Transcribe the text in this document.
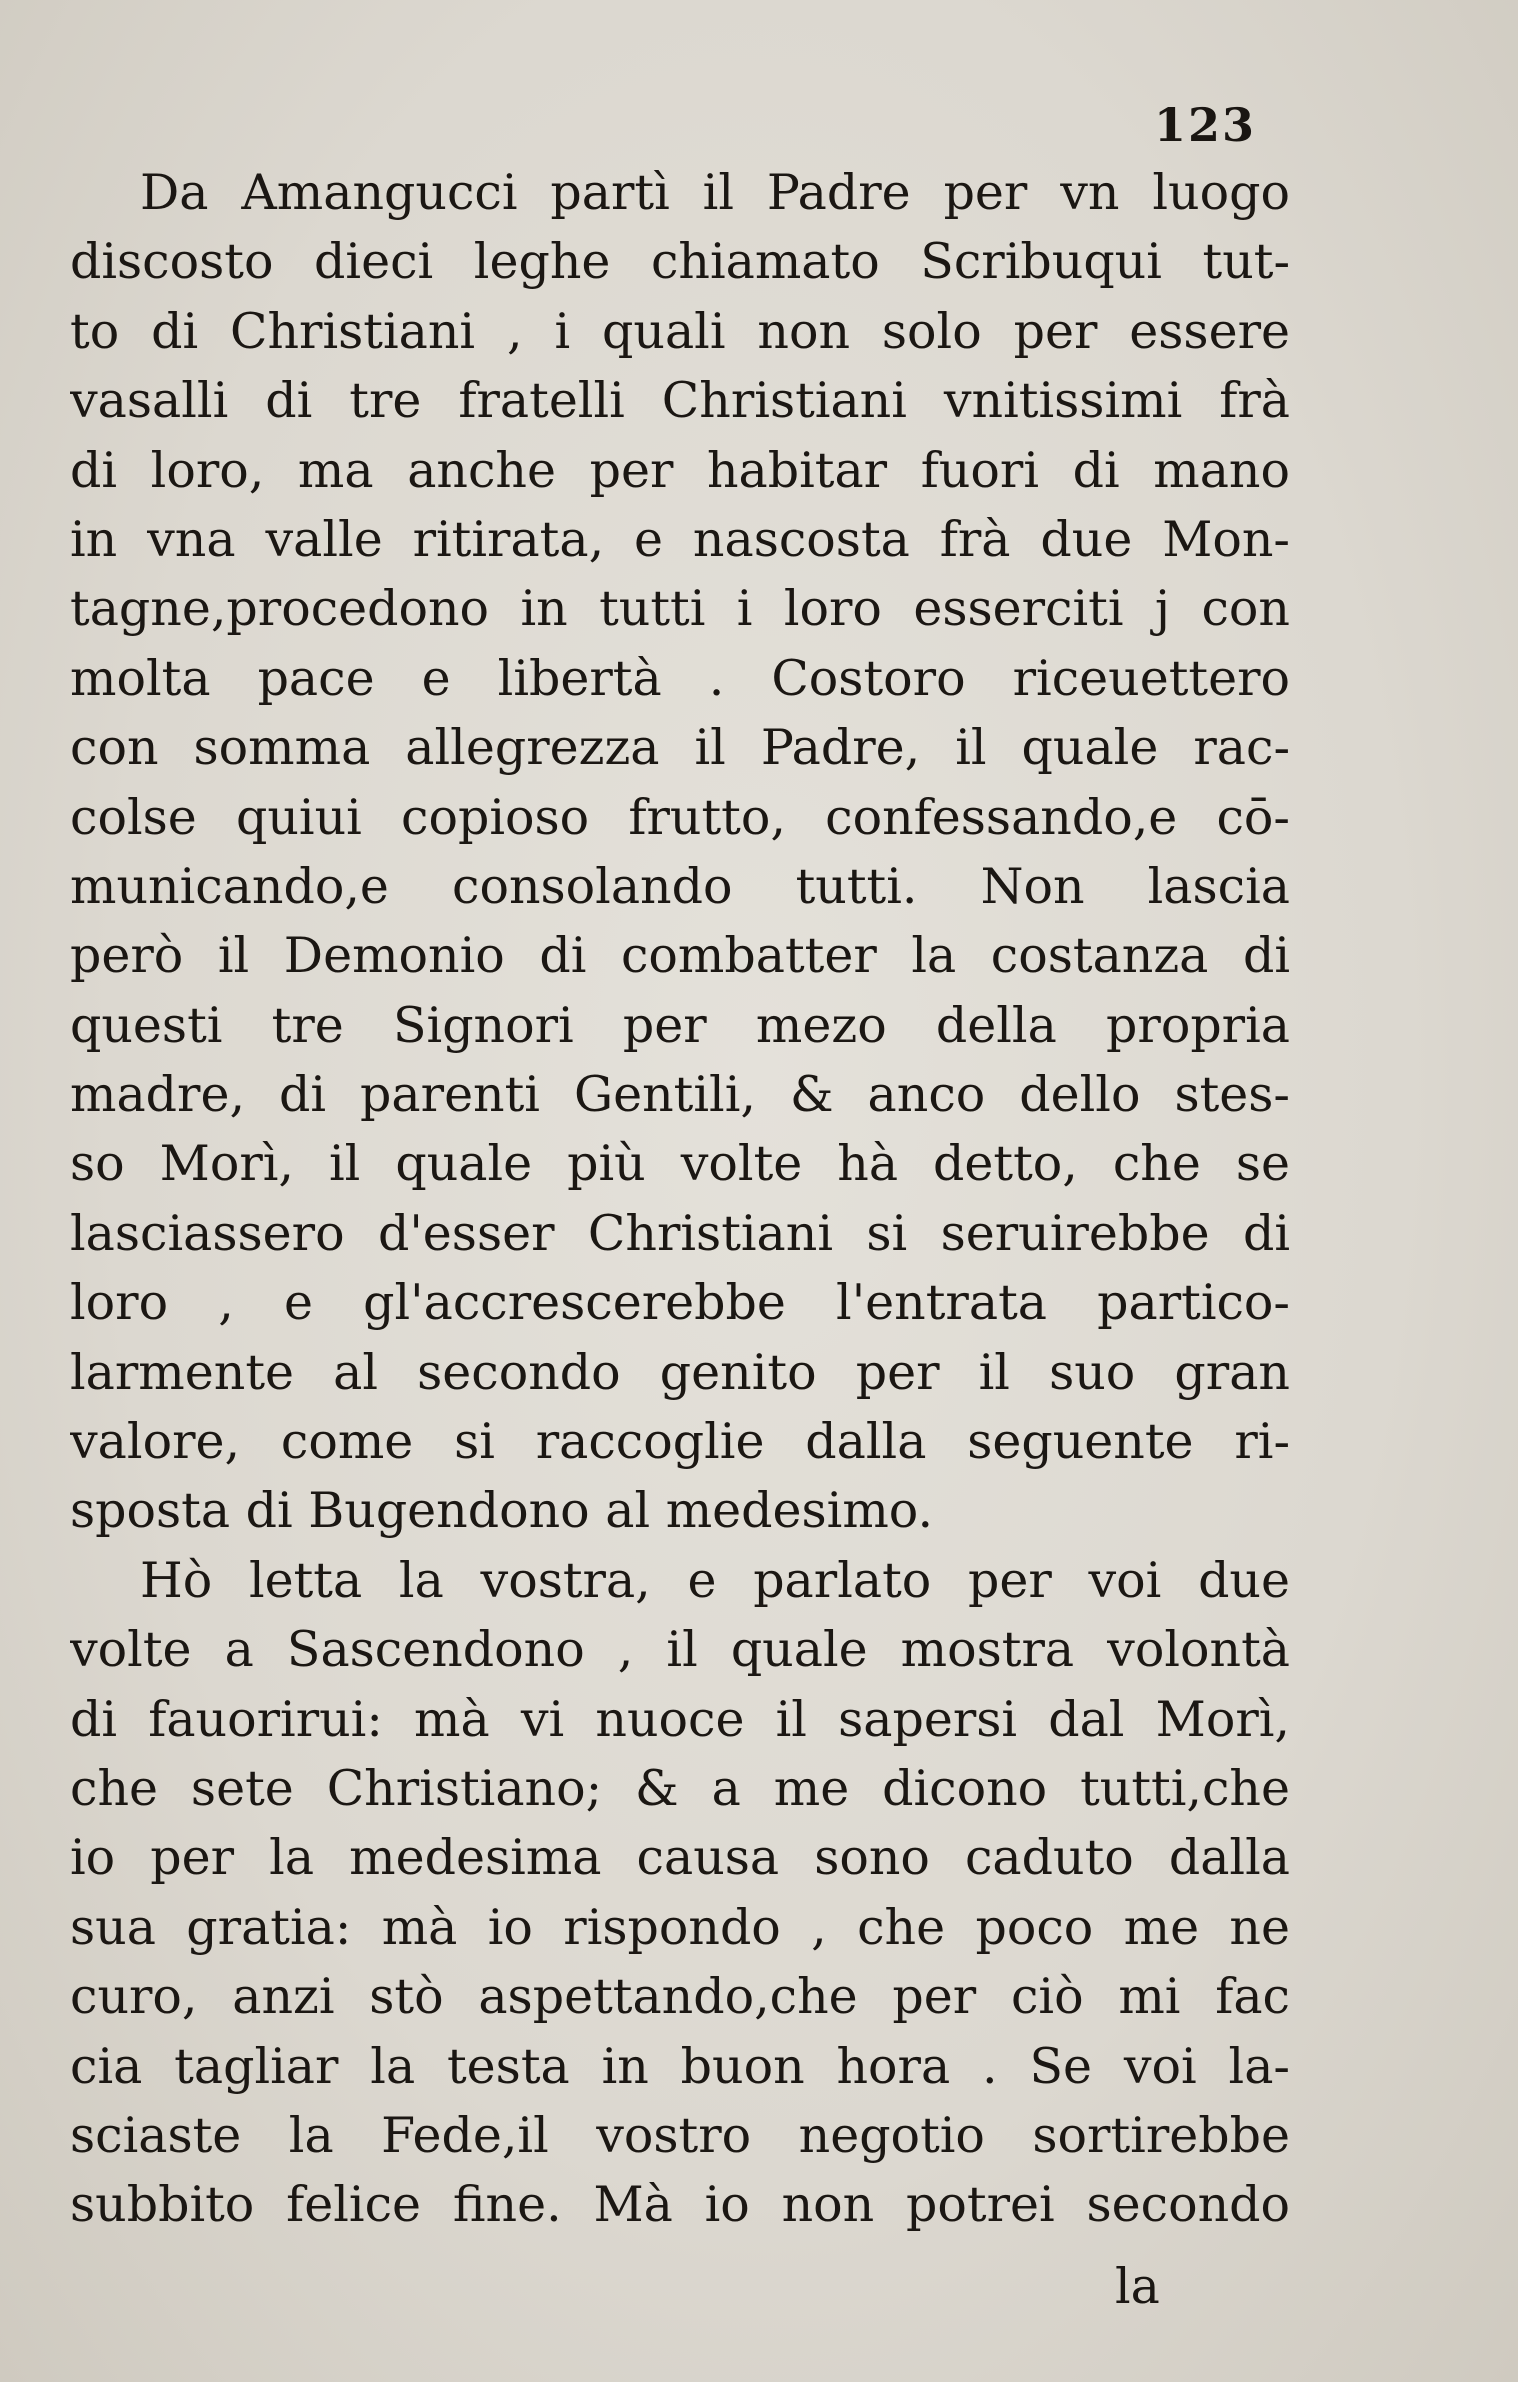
123
Da Amangucci partì il Padre per vn luogo
discosto dieci leghe chiamato Scribuqui tut-
to di Christiani , i quali non solo per essere
vasalli di tre fratelli Christiani vnitissimi frà
di loro, ma anche per habitar fuori di mano
in vna valle ritirata, e nascosta frà due Mon-
tagne,procedono in tutti i loro esserciti j con
molta pace e libertà . Costoro riceuettero
con somma allegrezza il Padre, il quale rac-
colse quiui copioso frutto, confessando,e cō-
municando,e consolando tutti. Non lascia
però il Demonio di combatter la costanza di
questi tre Signori per mezo della propria
madre, di parenti Gentili, & anco dello stes-
so Morì, il quale più volte hà detto, che se
lasciassero d'esser Christiani si seruirebbe di
loro , e gl'accrescerebbe l'entrata partico-
larmente al secondo genito per il suo gran
valore, come si raccoglie dalla seguente ri-
sposta di Bugendono al medesimo.
Hò letta la vostra, e parlato per voi due
volte a Sascendono , il quale mostra volontà
di fauorirui: mà vi nuoce il sapersi dal Morì,
che sete Christiano; & a me dicono tutti,che
io per la medesima causa sono caduto dalla
sua gratia: mà io rispondo , che poco me ne
curo, anzi stò aspettando,che per ciò mi fac
cia tagliar la testa in buon hora . Se voi la-
sciaste la Fede,il vostro negotio sortirebbe
subbito felice fine. Mà io non potrei secondo
la
